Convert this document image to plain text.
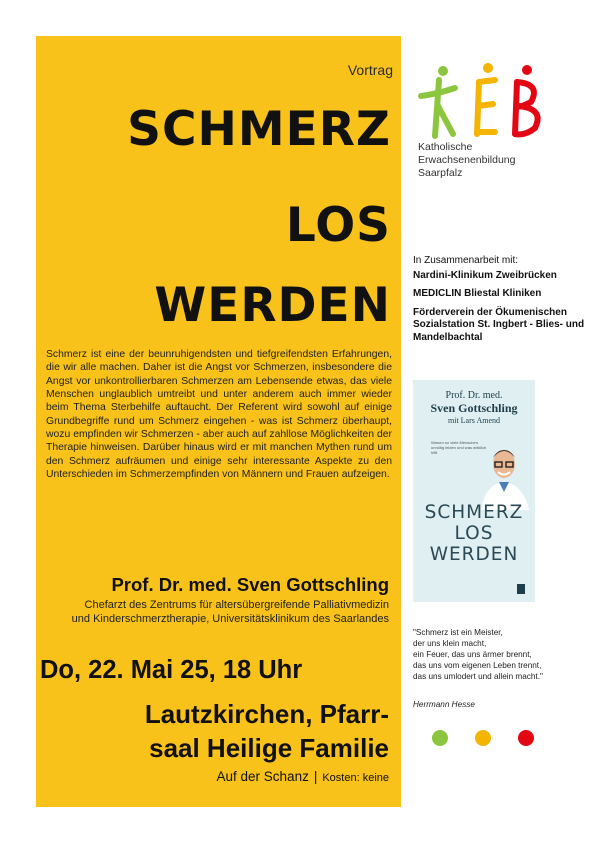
Vortrag
SCHMERZ
LOS
WERDEN
Schmerz ist eine der beunruhigendsten und tiefgreifendsten Erfahrungen, die wir alle machen. Daher ist die Angst vor Schmerzen, insbesondere die Angst vor unkontrollierbaren Schmerzen am Lebensende etwas, das viele Menschen unglaublich umtreibt und unter anderem auch immer wieder beim Thema Sterbehilfe auftaucht. Der Referent wird sowohl auf einige Grundbegriffe rund um Schmerz eingehen - was ist Schmerz überhaupt, wozu empfinden wir Schmerzen - aber auch auf zahllose Möglichkeiten der Therapie hinweisen. Darüber hinaus wird er mit manchen Mythen rund um den Schmerz aufräumen und einige sehr interessante Aspekte zu den Unterschieden im Schmerzempfinden von Männern und Frauen aufzeigen.
Prof. Dr. med. Sven Gottschling
Chefarzt des Zentrums für altersübergreifende Palliativmedizin
und Kinderschmerztherapie, Universitätsklinikum des Saarlandes
Do, 22. Mai 25, 18 Uhr
Lautzkirchen, Pfarr-
saal Heilige Familie
Auf der Schanz | Kosten: keine
Katholische
Erwachsenenbildung
Saarpfalz
In Zusammenarbeit mit:
Nardini-Klinikum Zweibrücken
MEDICLIN Bliestal Kliniken
Förderverein der Ökumenischen Sozialstation St. Ingbert - Blies- und Mandelbachtal
Prof. Dr. med.
Sven Gottschling
mit Lars Amend
Warum so viele Menschen unnötig leiden und was wirklich hilft
SCHMERZ
LOS
WERDEN
"Schmerz ist ein Meister,
der uns klein macht,
ein Feuer, das uns ärmer brennt,
das uns vom eigenen Leben trennt,
das uns umlodert und allein macht."
Herrmann Hesse
